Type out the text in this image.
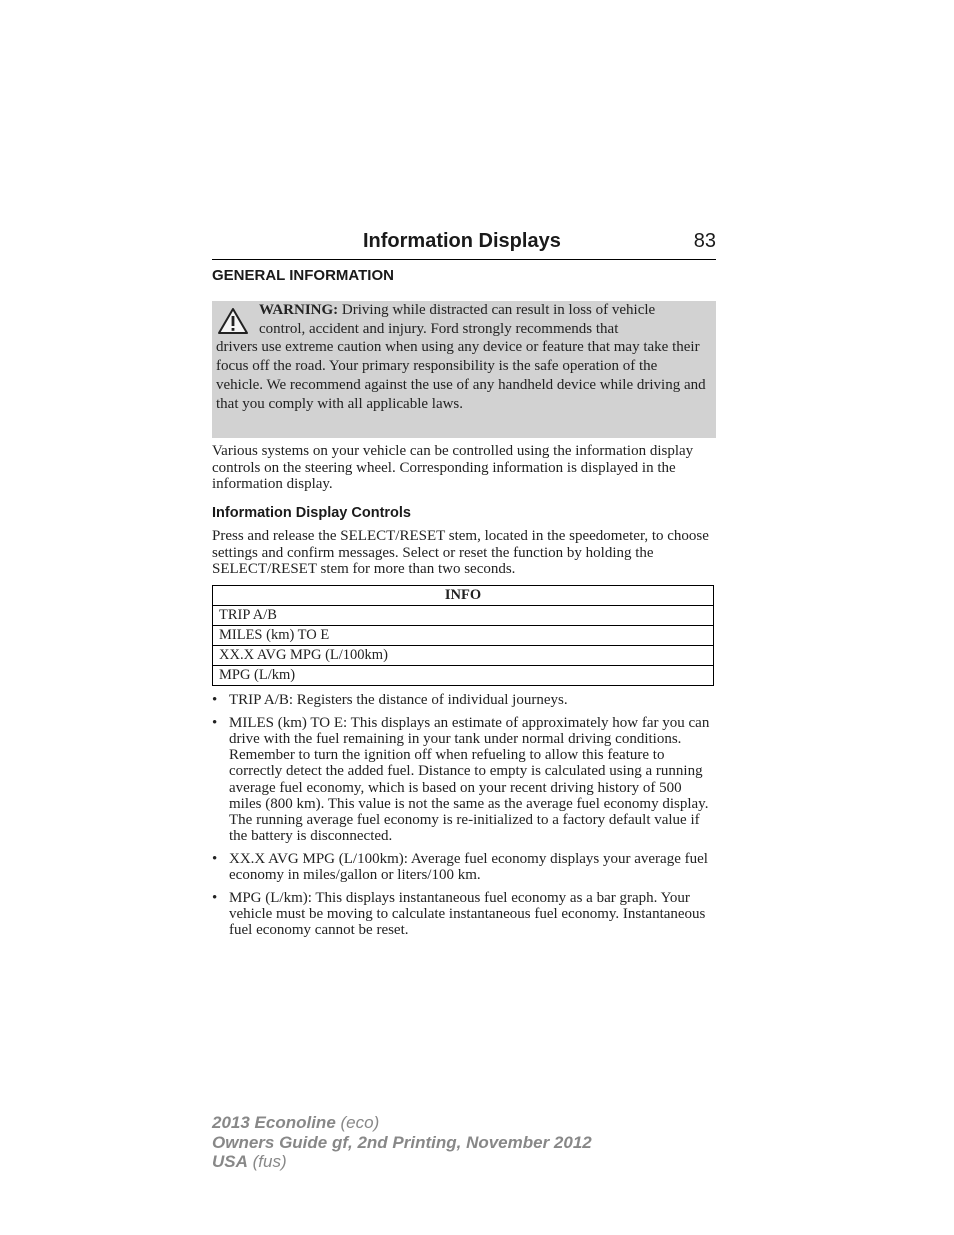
Information Displays	83
GENERAL INFORMATION
WARNING: Driving while distracted can result in loss of vehicle
control, accident and injury. Ford strongly recommends that
drivers use extreme caution when using any device or feature that may take their focus off the road. Your primary responsibility is the safe operation of the vehicle. We recommend against the use of any handheld device while driving and that you comply with all applicable laws.
Various systems on your vehicle can be controlled using the information display controls on the steering wheel. Corresponding information is displayed in the information display.
Information Display Controls
Press and release the SELECT/RESET stem, located in the speedometer, to choose settings and confirm messages. Select or reset the function by holding the SELECT/RESET stem for more than two seconds.
INFO
TRIP A/B
MILES (km) TO E
XX.X AVG MPG (L/100km)
MPG (L/km)
• TRIP A/B: Registers the distance of individual journeys.
• MILES (km) TO E: This displays an estimate of approximately how far you can drive with the fuel remaining in your tank under normal driving conditions. Remember to turn the ignition off when refueling to allow this feature to correctly detect the added fuel. Distance to empty is calculated using a running average fuel economy, which is based on your recent driving history of 500 miles (800 km). This value is not the same as the average fuel economy display. The running average fuel economy is re-initialized to a factory default value if the battery is disconnected.
• XX.X AVG MPG (L/100km): Average fuel economy displays your average fuel economy in miles/gallon or liters/100 km.
• MPG (L/km): This displays instantaneous fuel economy as a bar graph. Your vehicle must be moving to calculate instantaneous fuel economy. Instantaneous fuel economy cannot be reset.
2013 Econoline (eco)
Owners Guide gf, 2nd Printing, November 2012
USA (fus)
